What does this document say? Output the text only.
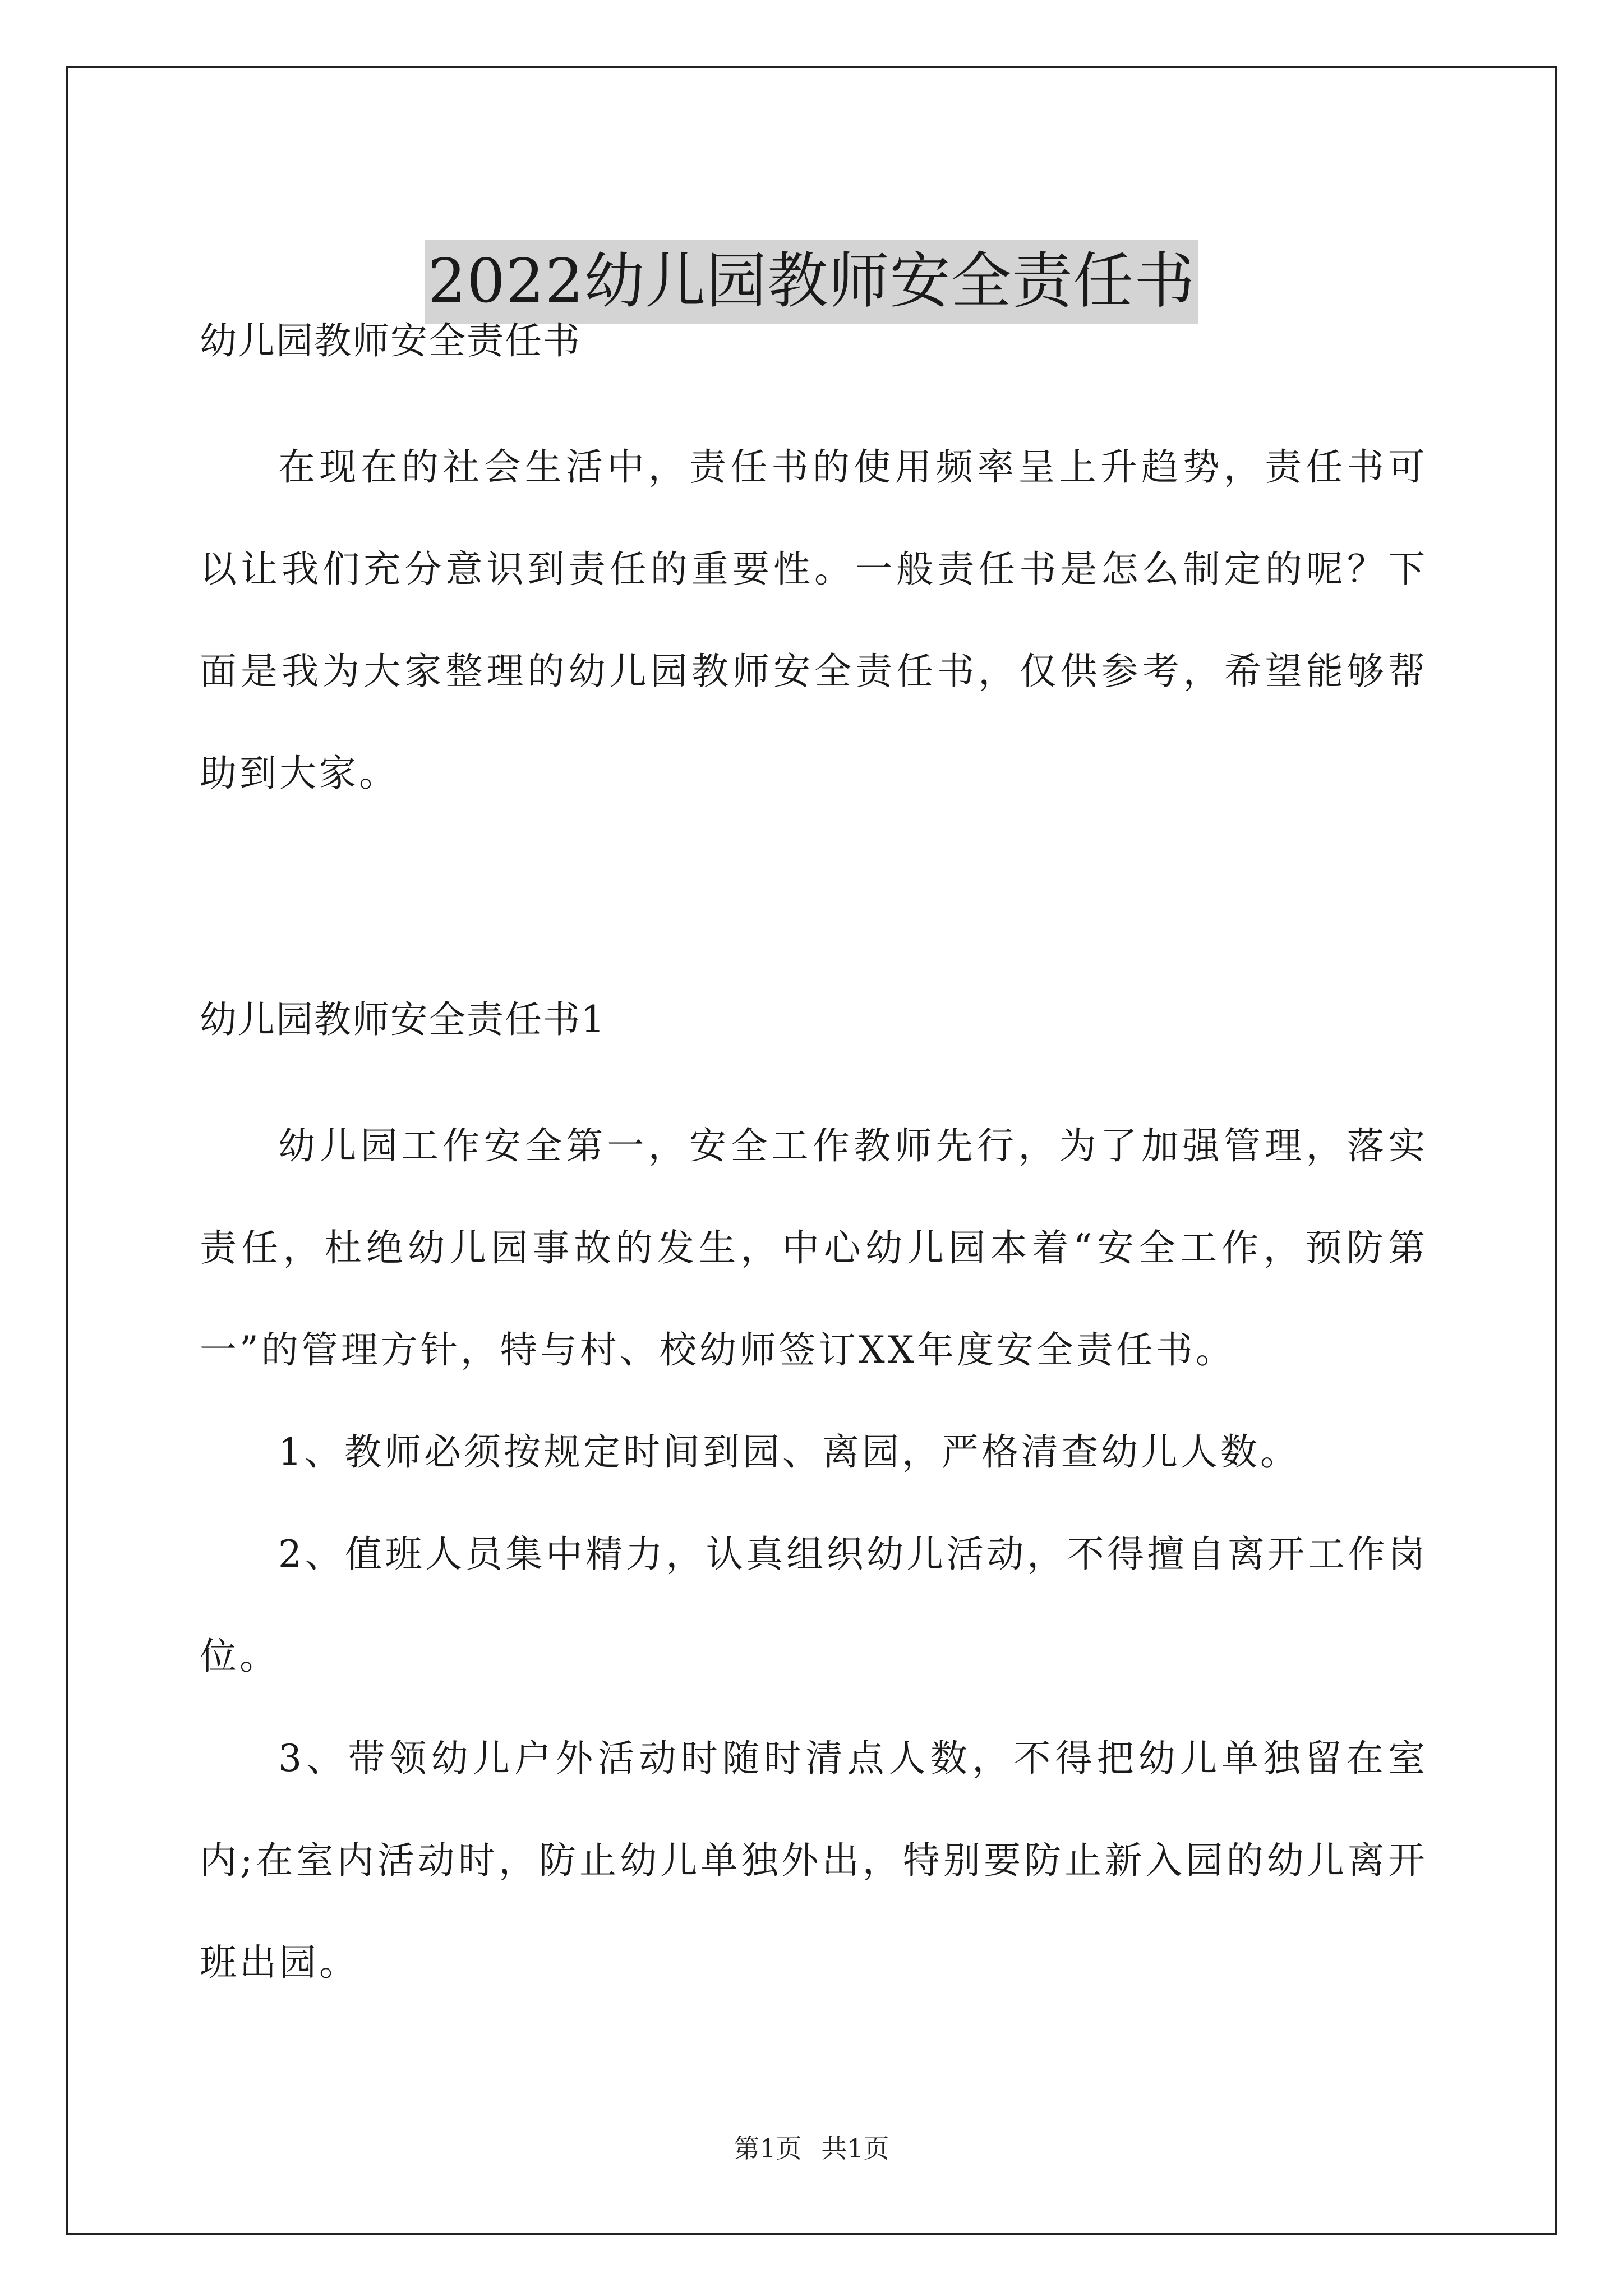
2022幼儿园教师安全责任书

幼儿园教师安全责任书

在现在的社会生活中，责任书的使用频率呈上升趋势，责任书可以让我们充分意识到责任的重要性。一般责任书是怎么制定的呢？下面是我为大家整理的幼儿园教师安全责任书，仅供参考，希望能够帮助到大家。

幼儿园教师安全责任书1

幼儿园工作安全第一，安全工作教师先行，为了加强管理，落实责任，杜绝幼儿园事故的发生，中心幼儿园本着“安全工作，预防第一”的管理方针，特与村、校幼师签订XX年度安全责任书。

1、教师必须按规定时间到园、离园，严格清查幼儿人数。

2、值班人员集中精力，认真组织幼儿活动，不得擅自离开工作岗位。

3、带领幼儿户外活动时随时清点人数，不得把幼儿单独留在室内;在室内活动时，防止幼儿单独外出，特别要防止新入园的幼儿离开班出园。

第1页 共1页
